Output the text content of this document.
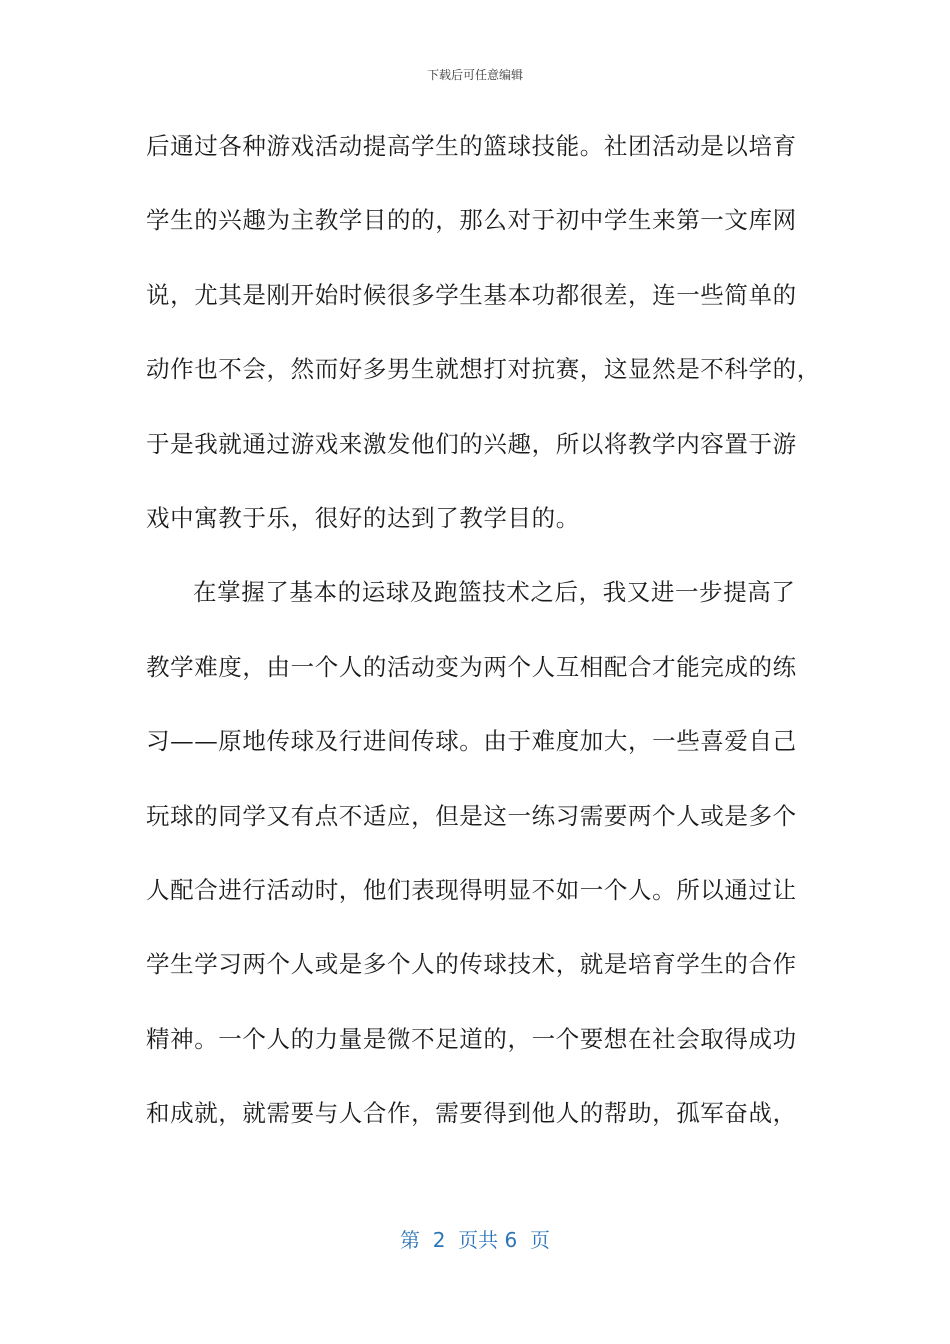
下载后可任意编辑
后通过各种游戏活动提高学生的篮球技能。社团活动是以培育
学生的兴趣为主教学目的的，那么对于初中学生来第一文库网
说，尤其是刚开始时候很多学生基本功都很差，连一些简单的
动作也不会，然而好多男生就想打对抗赛，这显然是不科学的，
于是我就通过游戏来激发他们的兴趣，所以将教学内容置于游
戏中寓教于乐，很好的达到了教学目的。
在掌握了基本的运球及跑篮技术之后，我又进一步提高了
教学难度，由一个人的活动变为两个人互相配合才能完成的练
习——原地传球及行进间传球。由于难度加大，一些喜爱自己
玩球的同学又有点不适应，但是这一练习需要两个人或是多个
人配合进行活动时，他们表现得明显不如一个人。所以通过让
学生学习两个人或是多个人的传球技术，就是培育学生的合作
精神。一个人的力量是微不足道的，一个要想在社会取得成功
和成就，就需要与人合作，需要得到他人的帮助，孤军奋战，
第  2  页共 6  页
